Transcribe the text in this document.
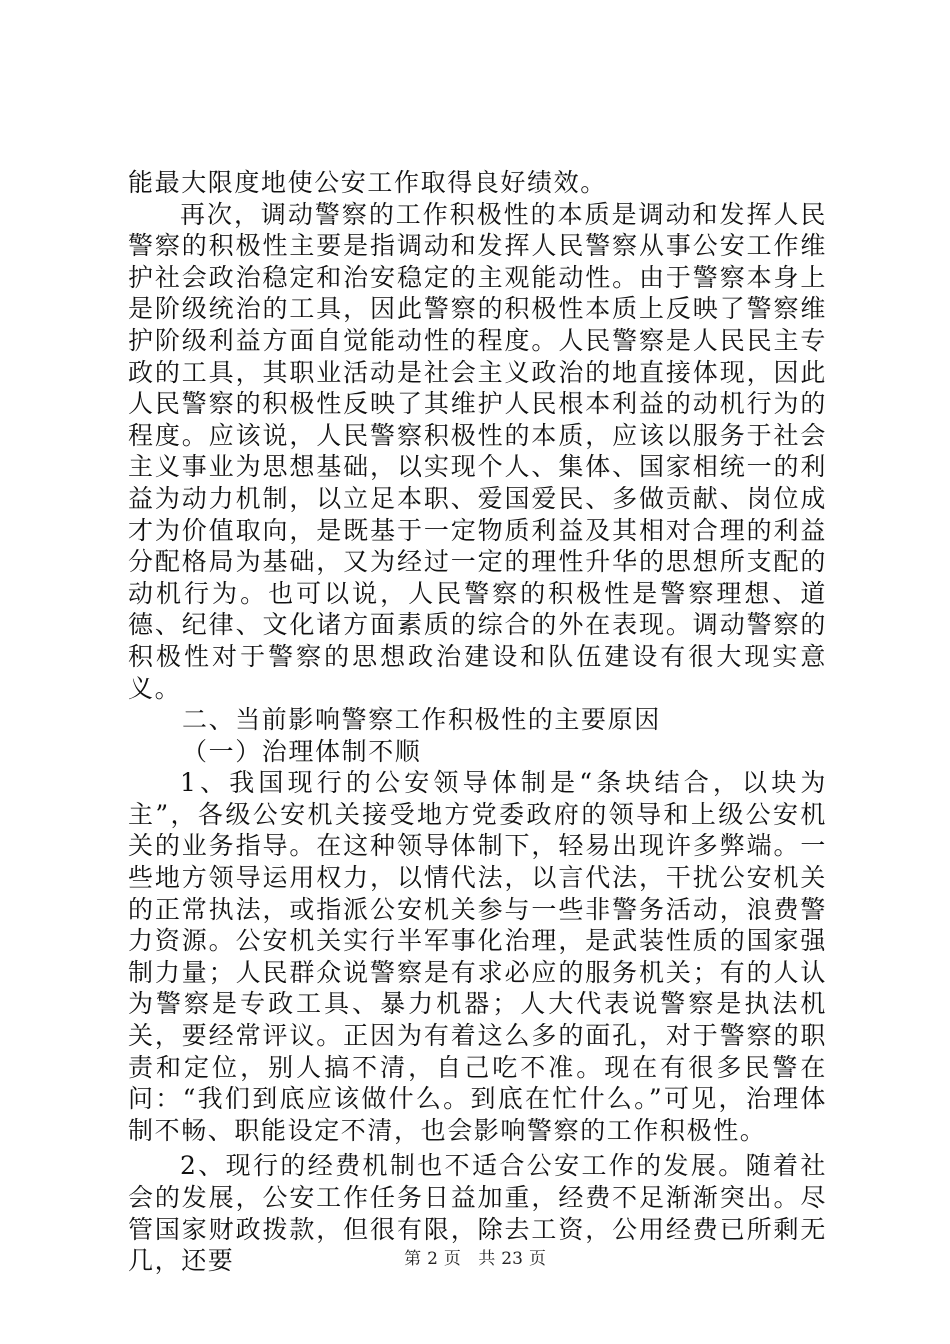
能最大限度地使公安工作取得良好绩效。

再次，调动警察的工作积极性的本质是调动和发挥人民警察的积极性主要是指调动和发挥人民警察从事公安工作维护社会政治稳定和治安稳定的主观能动性。由于警察本身上是阶级统治的工具，因此警察的积极性本质上反映了警察维护阶级利益方面自觉能动性的程度。人民警察是人民民主专政的工具，其职业活动是社会主义政治的地直接体现，因此人民警察的积极性反映了其维护人民根本利益的动机行为的程度。应该说，人民警察积极性的本质，应该以服务于社会主义事业为思想基础，以实现个人、集体、国家相统一的利益为动力机制，以立足本职、爱国爱民、多做贡献、岗位成才为价值取向，是既基于一定物质利益及其相对合理的利益分配格局为基础，又为经过一定的理性升华的思想所支配的动机行为。也可以说，人民警察的积极性是警察理想、道德、纪律、文化诸方面素质的综合的外在表现。调动警察的积极性对于警察的思想政治建设和队伍建设有很大现实意义。

二、当前影响警察工作积极性的主要原因

（一）治理体制不顺

1、我国现行的公安领导体制是“条块结合，以块为主”，各级公安机关接受地方党委政府的领导和上级公安机关的业务指导。在这种领导体制下，轻易出现许多弊端。一些地方领导运用权力，以情代法，以言代法，干扰公安机关的正常执法，或指派公安机关参与一些非警务活动，浪费警力资源。公安机关实行半军事化治理，是武装性质的国家强制力量；人民群众说警察是有求必应的服务机关；有的人认为警察是专政工具、暴力机器；人大代表说警察是执法机关，要经常评议。正因为有着这么多的面孔，对于警察的职责和定位，别人搞不清，自己吃不准。现在有很多民警在问：“我们到底应该做什么。到底在忙什么。”可见，治理体制不畅、职能设定不清，也会影响警察的工作积极性。

2、现行的经费机制也不适合公安工作的发展。随着社会的发展，公安工作任务日益加重，经费不足渐渐突出。尽管国家财政拨款，但很有限，除去工资，公用经费已所剩无几，还要	第 2 页 共 23 页
